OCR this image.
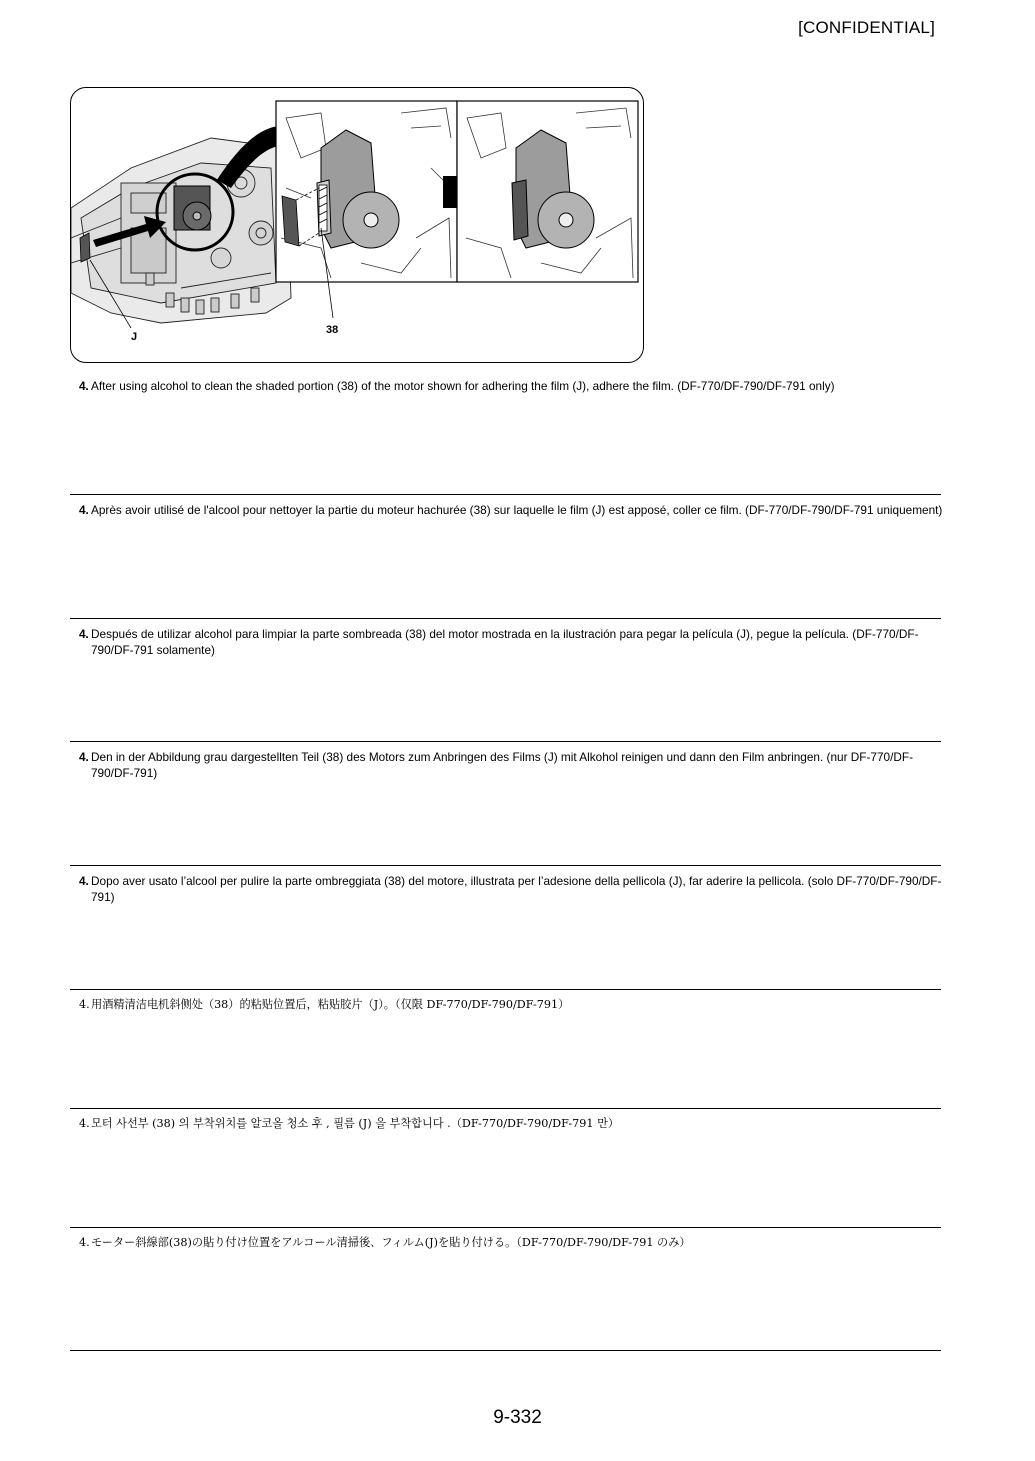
[CONFIDENTIAL]
J
38
4. After using alcohol to clean the shaded portion (38) of the motor shown for adhering the film (J), adhere the film. (DF-770/DF-790/DF-791 only)
4. Après avoir utilisé de l'alcool pour nettoyer la partie du moteur hachurée (38) sur laquelle le film (J) est apposé, coller ce film. (DF-770/DF-790/DF-791 uniquement)
4. Después de utilizar alcohol para limpiar la parte sombreada (38) del motor mostrada en la ilustración para pegar la película (J), pegue la película. (DF-770/DF-790/DF-791 solamente)
4. Den in der Abbildung grau dargestellten Teil (38) des Motors zum Anbringen des Films (J) mit Alkohol reinigen und dann den Film anbringen. (nur DF-770/DF-790/DF-791)
4. Dopo aver usato l’alcool per pulire la parte ombreggiata (38) del motore, illustrata per l’adesione della pellicola (J), far aderire la pellicola. (solo DF-770/DF-790/DF-791)
4. 用酒精清洁电机斜侧处（38）的粘贴位置后，粘贴胶片（J）。（仅限 DF-770/DF-790/DF-791）
4. 모터 사선부 (38) 의 부착위치를 알코올 청소 후 , 필름 (J) 을 부착합니다 .（DF-770/DF-790/DF-791 만）
4. モーター斜線部(38)の貼り付け位置をアルコール清掃後、フィルム(J)を貼り付ける。（DF-770/DF-790/DF-791 のみ）
9-332
